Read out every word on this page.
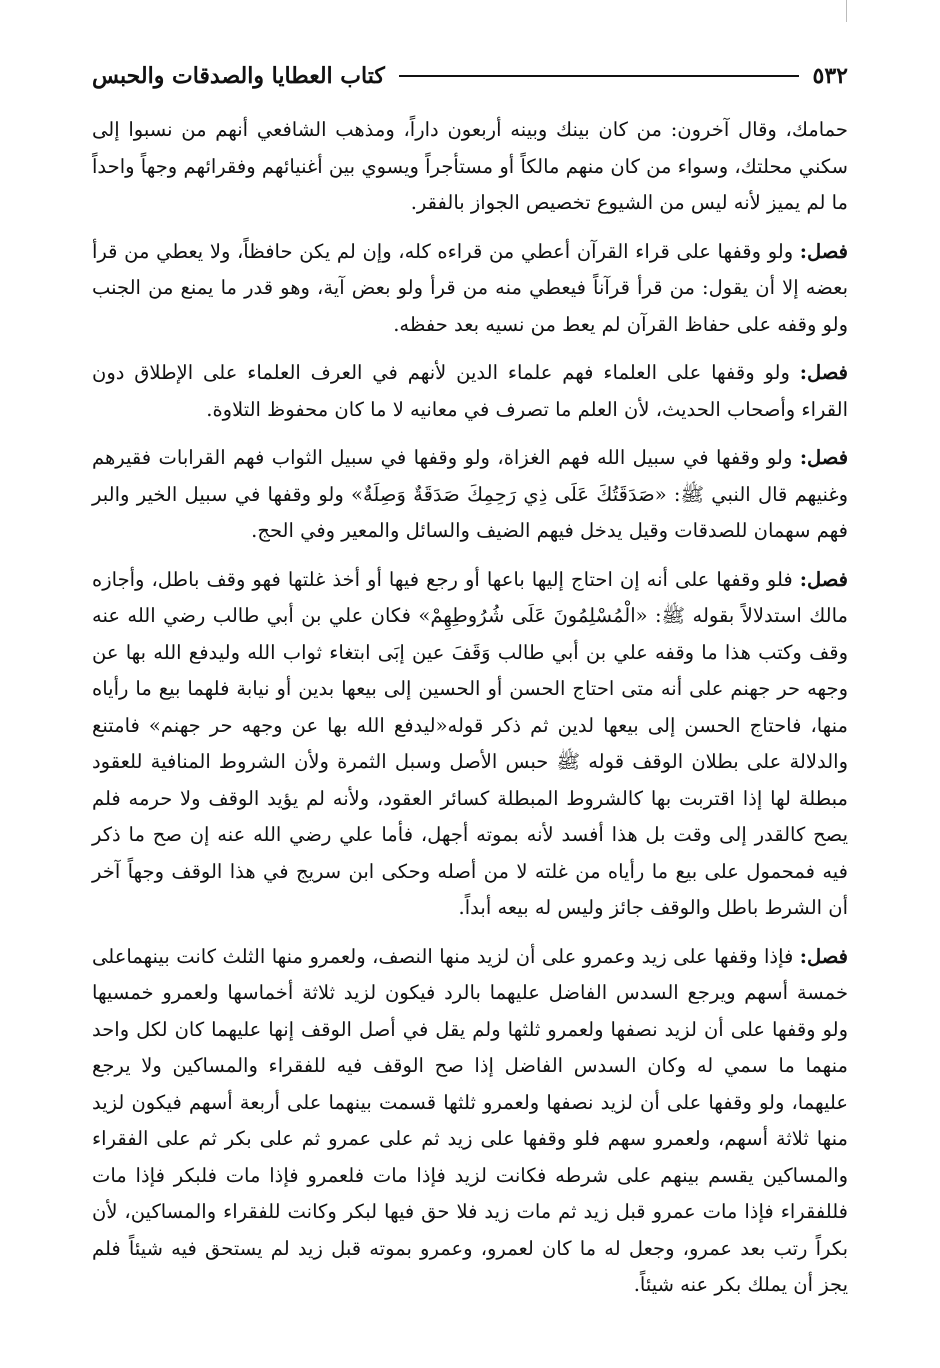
٥٣٢
كتاب العطايا والصدقات والحبس

حمامك، وقال آخرون: من كان بينك وبينه أربعون داراً، ومذهب الشافعي أنهم من نسبوا إلى سكني محلتك، وسواء من كان منهم مالكاً أو مستأجراً ويسوي بين أغنيائهم وفقرائهم وجهاً واحداً ما لم يميز لأنه ليس من الشيوع تخصيص الجواز بالفقر.

فصل: ولو وقفها على قراء القرآن أعطي من قراءه كله، وإن لم يكن حافظاً، ولا يعطي من قرأ بعضه إلا أن يقول: من قرأ قرآناً فيعطي منه من قرأ ولو بعض آية، وهو قدر ما يمنع من الجنب ولو وقفه على حفاظ القرآن لم يعط من نسيه بعد حفظه.

فصل: ولو وقفها على العلماء فهم علماء الدين لأنهم في العرف العلماء على الإطلاق دون القراء وأصحاب الحديث، لأن العلم ما تصرف في معانيه لا ما كان محفوظ التلاوة.

فصل: ولو وقفها في سبيل الله فهم الغزاة، ولو وقفها في سبيل الثواب فهم القرابات فقيرهم وغنيهم قال النبي ﷺ: «صَدَقَتُكَ عَلَى ذِي رَحِمِكَ صَدَقَةٌ وَصِلَةٌ» ولو وقفها في سبيل الخير والبر فهم سهمان للصدقات وقيل يدخل فيهم الضيف والسائل والمعير وفي الحج.

فصل: فلو وقفها على أنه إن احتاج إليها باعها أو رجع فيها أو أخذ غلتها فهو وقف باطل، وأجازه مالك استدلالاً بقوله ﷺ: «الْمُسْلِمُونَ عَلَى شُرُوطِهِمْ» فكان علي بن أبي طالب رضي الله عنه وقف وكتب هذا ما وقفه علي بن أبي طالب وَقَفَ عين إبَى ابتغاء ثواب الله وليدفع الله بها عن وجهه حر جهنم على أنه متى احتاج الحسن أو الحسين إلى بيعها بدين أو نيابة فلهما بيع ما رأياه منها، فاحتاج الحسن إلى بيعها لدين ثم ذكر قوله«ليدفع الله بها عن وجهه حر جهنم» فامتنع والدلالة على بطلان الوقف قوله ﷺ حبس الأصل وسبل الثمرة ولأن الشروط المنافية للعقود مبطلة لها إذا اقتربت بها كالشروط المبطلة كسائر العقود، ولأنه لم يؤيد الوقف ولا حرمه فلم يصح كالقدر إلى وقت بل هذا أفسد لأنه بموته أجهل، فأما علي رضي الله عنه إن صح ما ذكر فيه فمحمول على بيع ما رأياه من غلته لا من أصله وحكى ابن سريج في هذا الوقف وجهاً آخر أن الشرط باطل والوقف جائز وليس له بيعه أبداً.

فصل: فإذا وقفها على زيد وعمرو على أن لزيد منها النصف، ولعمرو منها الثلث كانت بينهماعلى خمسة أسهم ويرجع السدس الفاضل عليهما بالرد فيكون لزيد ثلاثة أخماسها ولعمرو خمسيها ولو وقفها على أن لزيد نصفها ولعمرو ثلثها ولم يقل في أصل الوقف إنها عليهما كان لكل واحد منهما ما سمي له وكان السدس الفاضل إذا صح الوقف فيه للفقراء والمساكين ولا يرجع عليهما، ولو وقفها على أن لزيد نصفها ولعمرو ثلثها قسمت بينهما على أربعة أسهم فيكون لزيد منها ثلاثة أسهم، ولعمرو سهم فلو وقفها على زيد ثم على عمرو ثم على بكر ثم على الفقراء والمساكين يقسم بينهم على شرطه فكانت لزيد فإذا مات فلعمرو فإذا مات فلبكر فإذا مات فللفقراء فإذا مات عمرو قبل زيد ثم مات زيد فلا حق فيها لبكر وكانت للفقراء والمساكين، لأن بكراً رتب بعد عمرو، وجعل له ما كان لعمرو، وعمرو بموته قبل زيد لم يستحق فيه شيئاً فلم يجز أن يملك بكر عنه شيئاً.
